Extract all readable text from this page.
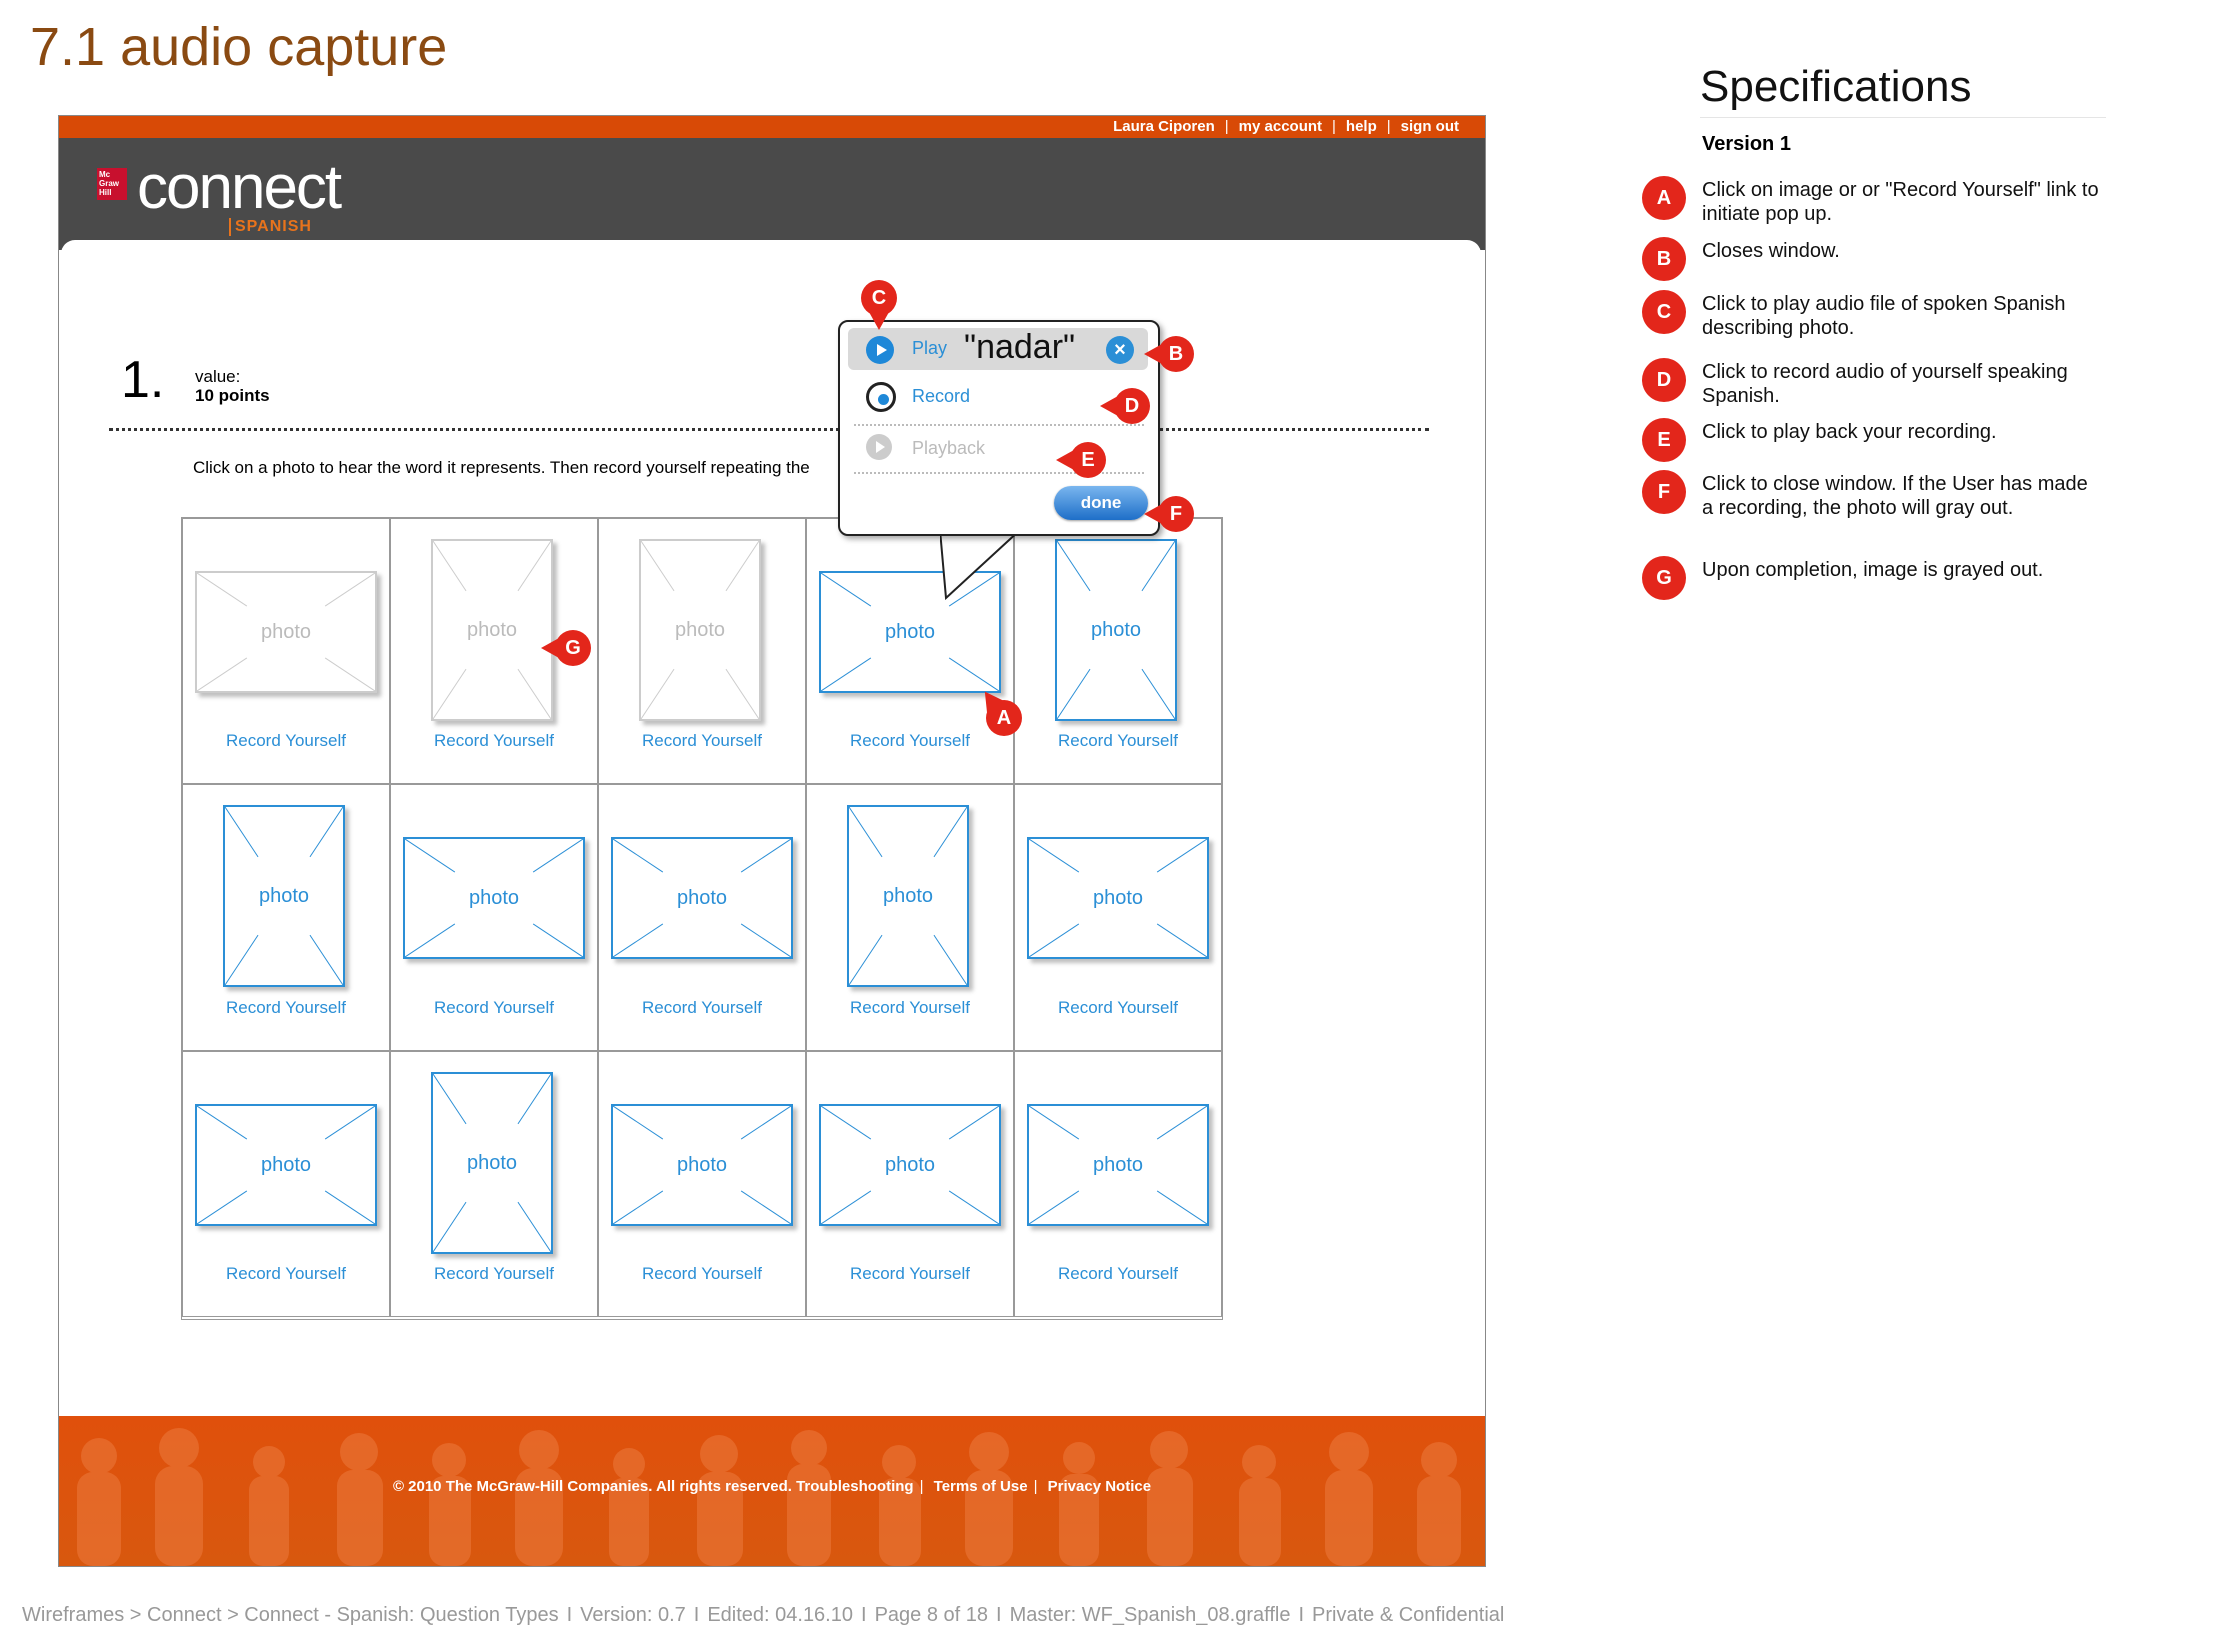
7.1 audio capture
Laura Ciporen | my account | help | sign out
Mc Graw Hill connect
SPANISH
1. value:
10 points
Click on a photo to hear the word it represents. Then record yourself repeating the
photo
Record Yourself
photo
Record Yourself
photo
Record Yourself
photo
Record Yourself
photo
Record Yourself
photo
Record Yourself
photo
Record Yourself
photo
Record Yourself
photo
Record Yourself
photo
Record Yourself
photo
Record Yourself
photo
Record Yourself
photo
Record Yourself
photo
Record Yourself
photo
Record Yourself
© 2010 The McGraw-Hill Companies. All rights reserved. Troubleshooting | Terms of Use | Privacy Notice
Play "nadar"	×
Record
Playback
done
C
B
D
E
F
A
G
Specifications
Version 1
A	Click on image or or "Record Yourself" link to initiate pop up.
B	Closes window.
C	Click to play audio file of spoken Spanish describing photo.
D	Click to record audio of yourself speaking Spanish.
E	Click to play back your recording.
F	Click to close window. If the User has made a recording, the photo will gray out.
G	Upon completion, image is grayed out.
Wireframes > Connect > Connect - Spanish: Question Types I Version: 0.7 I Edited: 04.16.10 I Page 8 of 18 I Master: WF_Spanish_08.graffle I Private & Confidential
